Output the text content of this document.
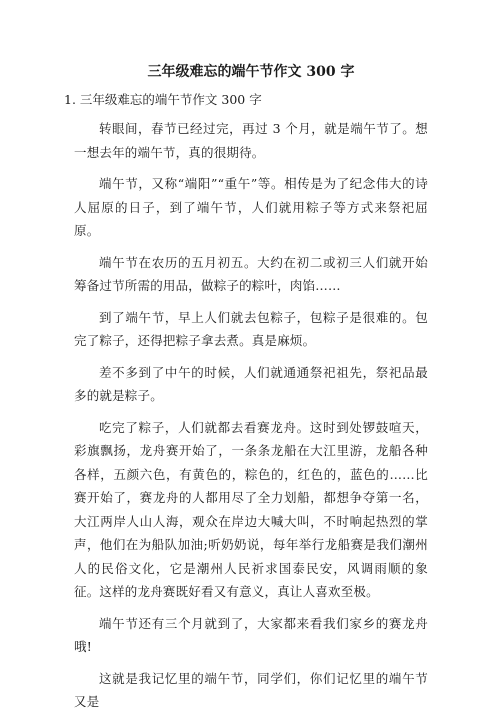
三年级难忘的端午节作文 300 字
1. 三年级难忘的端午节作文 300 字

转眼间，春节已经过完，再过 3 个月，就是端午节了。想一想去年的端午节，真的很期待。

端午节，又称“端阳”“重午”等。相传是为了纪念伟大的诗人屈原的日子，到了端午节，人们就用粽子等方式来祭祀屈原。

端午节在农历的五月初五。大约在初二或初三人们就开始筹备过节所需的用品，做粽子的粽叶，肉馅……

到了端午节，早上人们就去包粽子，包粽子是很难的。包完了粽子，还得把粽子拿去煮。真是麻烦。

差不多到了中午的时候，人们就通通祭祀祖先，祭祀品最多的就是粽子。

吃完了粽子，人们就都去看赛龙舟。这时到处锣鼓喧天，彩旗飘扬，龙舟赛开始了，一条条龙船在大江里游，龙船各种各样，五颜六色，有黄色的，粽色的，红色的，蓝色的……比赛开始了，赛龙舟的人都用尽了全力划船，都想争夺第一名，大江两岸人山人海，观众在岸边大喊大叫，不时响起热烈的掌声，他们在为船队加油;听奶奶说，每年举行龙船赛是我们潮州人的民俗文化，它是潮州人民祈求国泰民安，风调雨顺的象征。这样的龙舟赛既好看又有意义，真让人喜欢至极。

端午节还有三个月就到了，大家都来看我们家乡的赛龙舟哦!

这就是我记忆里的端午节，同学们，你们记忆里的端午节又是
